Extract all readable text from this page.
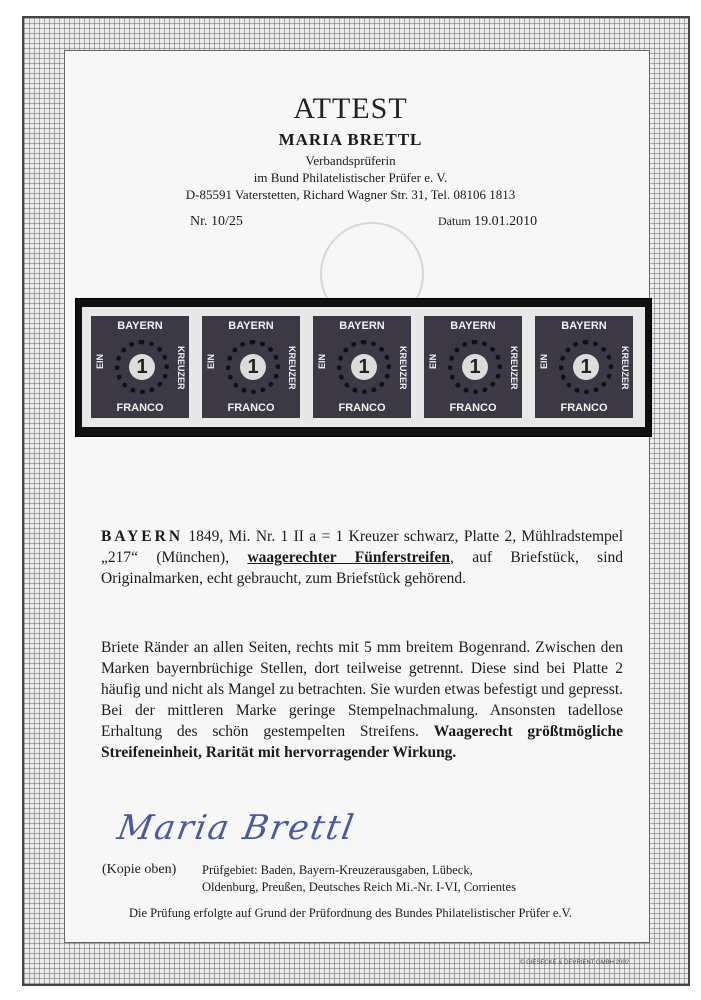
ATTEST
MARIA BRETTL
Verbandsprüferin
im Bund Philatelistischer Prüfer e. V.
D-85591 Vaterstetten, Richard Wagner Str. 31, Tel. 08106 1813
Nr. 10/25	Datum 19.01.2010
BAYERN
EIN	KREUZER
1
FRANCO
BAYERN
EIN	KREUZER
1
FRANCO
BAYERN
EIN	KREUZER
1
FRANCO
BAYERN
EIN	KREUZER
1
FRANCO
BAYERN
EIN	KREUZER
1
FRANCO
BAYERN 1849, Mi. Nr. 1 II a = 1 Kreuzer schwarz, Platte 2, Mühlradstempel „217“ (München), waagerechter Fünferstreifen, auf Briefstück, sind Originalmarken, echt gebraucht, zum Briefstück gehörend.
Briete Ränder an allen Seiten, rechts mit 5 mm breitem Bogenrand. Zwischen den Marken bayernbrüchige Stellen, dort teilweise getrennt. Diese sind bei Platte 2 häufig und nicht als Mangel zu betrachten. Sie wurden etwas befestigt und gepresst. Bei der mittleren Marke geringe Stempelnachmalung. Ansonsten tadellose Erhaltung des schön gestempelten Streifens. Waagerecht größtmögliche Streifeneinheit, Rarität mit hervorragender Wirkung.
Maria Brettl
(Kopie oben) Prüfgebiet: Baden, Bayern-Kreuzerausgaben, Lübeck,
Oldenburg, Preußen, Deutsches Reich Mi.-Nr. I-VI, Corrientes
Die Prüfung erfolgte auf Grund der Prüfordnung des Bundes Philatelistischer Prüfer e.V.
© GIESECKE & DEVRIENT GMBH 2002
